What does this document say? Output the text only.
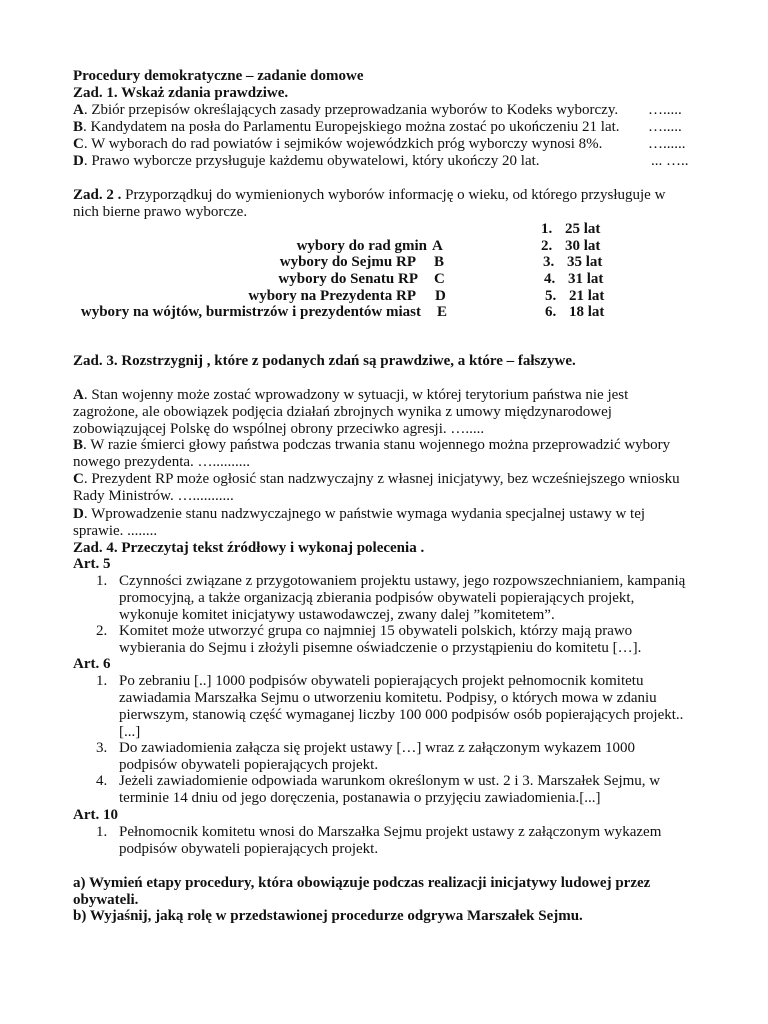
Procedury demokratyczne – zadanie domowe
Zad. 1. Wskaż zdania prawdziwe.
A. Zbiór przepisów określających zasady przeprowadzania wyborów to Kodeks wyborczy. ….....
B. Kandydatem na posła do Parlamentu Europejskiego można zostać po ukończeniu 21 lat. ….....
C. W wyborach do rad powiatów i sejmików wojewódzkich próg wyborczy wynosi 8%.	…......
D. Prawo wyborcze przysługuje każdemu obywatelowi, który ukończy 20 lat.	... …..
Zad. 2 . Przyporządkuj do wymienionych wyborów informację o wieku, od którego przysługuje w nich bierne prawo wyborcze.
wybory do rad gmin A
wybory do Sejmu RP B
wybory do Senatu RP C
wybory na Prezydenta RP D
wybory na wójtów, burmistrzów i prezydentów miast E
1. 25 lat
2. 30 lat
3. 35 lat
4. 31 lat
5. 21 lat
6. 18 lat
Zad. 3. Rozstrzygnij , które z podanych zdań są prawdziwe, a które – fałszywe.
A. Stan wojenny może zostać wprowadzony w sytuacji, w której terytorium państwa nie jest zagrożone, ale obowiązek podjęcia działań zbrojnych wynika z umowy międzynarodowej zobowiązującej Polskę do wspólnej obrony przeciwko agresji. ….....
B. W razie śmierci głowy państwa podczas trwania stanu wojennego można przeprowadzić wybory nowego prezydenta. …..........
C. Prezydent RP może ogłosić stan nadzwyczajny z własnej inicjatywy, bez wcześniejszego wniosku Rady Ministrów. …...........
D. Wprowadzenie stanu nadzwyczajnego w państwie wymaga wydania specjalnej ustawy w tej sprawie. ........
Zad. 4. Przeczytaj tekst źródłowy i wykonaj polecenia .
Art. 5
1. Czynności związane z przygotowaniem projektu ustawy, jego rozpowszechnianiem, kampanią promocyjną, a także organizacją zbierania podpisów obywateli popierających projekt, wykonuje komitet inicjatywy ustawodawczej, zwany dalej ”komitetem”.
2. Komitet może utworzyć grupa co najmniej 15 obywateli polskich, którzy mają prawo wybierania do Sejmu i złożyli pisemne oświadczenie o przystąpieniu do komitetu […].
Art. 6
1. Po zebraniu [..] 1000 podpisów obywateli popierających projekt pełnomocnik komitetu zawiadamia Marszałka Sejmu o utworzeniu komitetu. Podpisy, o których mowa w zdaniu pierwszym, stanowią część wymaganej liczby 100 000 podpisów osób popierających projekt..[...]
3. Do zawiadomienia załącza się projekt ustawy […] wraz z załączonym wykazem 1000 podpisów obywateli popierających projekt.
4. Jeżeli zawiadomienie odpowiada warunkom określonym w ust. 2 i 3. Marszałek Sejmu, w terminie 14 dniu od jego doręczenia, postanawia o przyjęciu zawiadomienia.[...]
Art. 10
1. Pełnomocnik komitetu wnosi do Marszałka Sejmu projekt ustawy z załączonym wykazem podpisów obywateli popierających projekt.
a) Wymień etapy procedury, która obowiązuje podczas realizacji inicjatywy ludowej przez obywateli.
b) Wyjaśnij, jaką rolę w przedstawionej procedurze odgrywa Marszałek Sejmu.
